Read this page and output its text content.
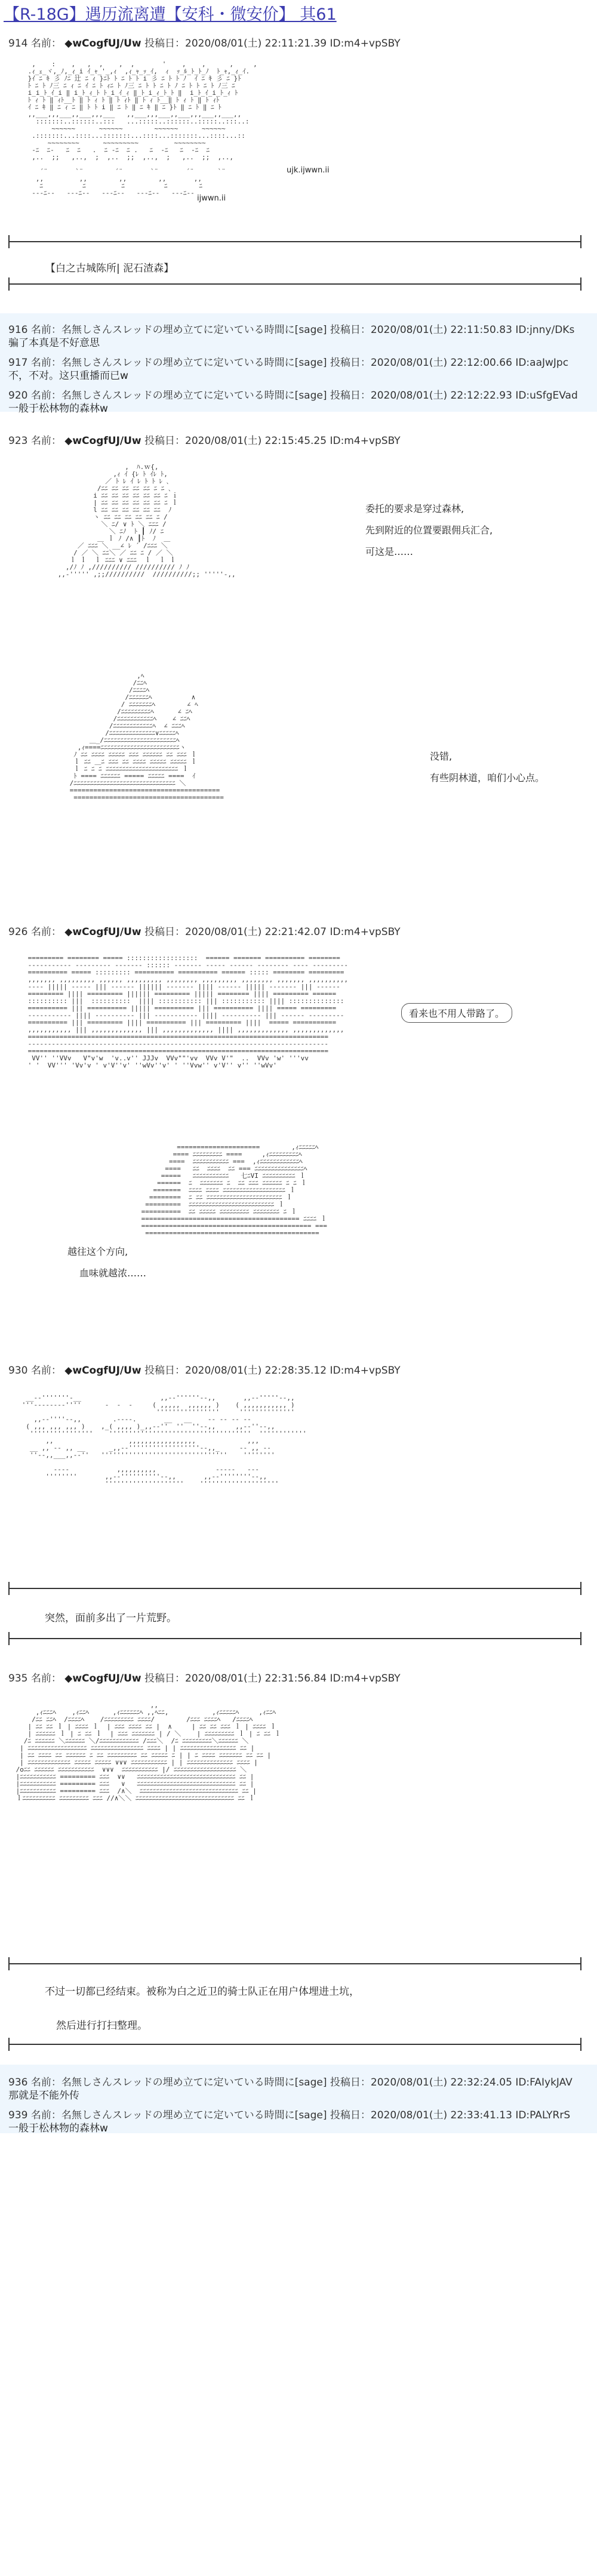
【R-18G】遇历流离遭【安科・微安价】 其61
914 名前： ◆wCogfUJ/Uw 投稿日：2020/08/01(土) 22:11:21.39 ID:m4+vpSBY

,    :    ,   ,  ,    ,  ,       '    ,    ,      ,     ,
.ｨ_ｪ_ヾ,_ﾉ,_ｨ_i ｲ_ｬ_'_,ｨ  ,ｨ_ｬ_ｯ_ｲ,  ｨ  ｯ_ﾙ_ﾄ_ﾄ_ﾉ  ﾄ_ｬ,_ｨ_ｲ.
}ｲ ﾆ ｷ 彡 ﾉﾆ 辻 ﾆ ｨ }ﾆﾄ ﾄ ﾆ ﾄ ﾄ i 彡 ﾆ ﾄ ﾄ ﾉ  ｲ ﾆ ｷ 彡 ﾆ }ﾄ
ﾄ ﾆ ﾄ ﾉ三 ﾆ ｨ ﾆ ｲ ﾆ ﾄ ｨﾆ ﾄ ﾉ三 ﾆ ﾄ ﾄ ﾆ ﾄ ﾉ ﾆ ﾄ ﾄ ﾆ ﾄ ﾉ三 ﾆ
i_i_ﾄ_ｲ_i ‖ i_ﾄ_ｨ_ﾄ ﾄ_i_ｲ_ｨ ‖_ﾄ_i_ｨ_ﾄ_ﾄ ‖  i_ﾄ_ｲ_i_ﾄ_ｨ ﾄ
ﾄ ｨ ﾄ ‖ ｨﾄ__ﾄ ‖ ﾄ ｨ ﾄ ‖ ﾄ ｨﾄ ‖ ﾄ ｨ ﾄ__‖ ﾄ ｨ ﾄ ‖ ﾄ ｨﾄ
ｲ ﾆ ｷ ‖ ﾆ ｨ ﾆ ‖ ﾄ ﾄ i ‖ ﾆ ﾄ ‖ ﾆ ｷ ‖ ﾆ }ﾄ ‖ ﾆ ﾄ ‖ ﾆ ﾄ
,,___,,,___,,___,,,___   ,,___,,,___,,___,,,___,,___,,
:::::::..::::::..:::   ...:::::..::::::..:::::..:::..:
~~~~~~      ~~~~~~        ~~~~~~      ~~~~~~
.:::::::...::::...:::::::...::::...:::::::...::::...::
~~~~~~~~      ~~~~~~~~~         ~~~~~~~~
-ﾆ  ﾆ-   ﾆ  ﾆ   .  ﾆ -ﾆ  ﾆ .   ﾆ  -ﾆ   ﾆ  -ﾆ  ﾆ
,..  ;;   ,..,  ;  ,..  ;;  ,..,  ;   ,..  ;;  ,..,

´¨       `¨        ´¨       `¨       ´¨      `¨
,,         ,,        ,,        ,,       ,,
ﾆ          ﾆ         ﾆ          ﾆ        ﾆ
---ﾆ--   ---ﾆ--   ---ﾆ--   ---ﾆ--   ---ﾆ--

ujk.ijwwn.ii
ijwwn.ii
【白之古城陈所| 泥石渣森】
916 名前：名無しさんスレッドの埋め立てに定いている時間に[sage] 投稿日：2020/08/01(土) 22:11:50.83 ID:jnny/DKs
骗了本真是不好意思
917 名前：名無しさんスレッドの埋め立てに定いている時間に[sage] 投稿日：2020/08/01(土) 22:12:00.66 ID:aaJwJpc
不，不对。这只重播而已w
920 名前：名無しさんスレッドの埋め立てに定いている時間に[sage] 投稿日：2020/08/01(土) 22:12:22.93 ID:uSfgEVad
一般于松林物的森林w
923 名前： ◆wCogfUJ/Uw 投稿日：2020/08/01(土) 22:15:45.25 ID:m4+vpSBY

,  ﾊ.ｗ{,
,ｨ ｲ {ﾚ ﾄ ｲﾚ ﾄ,
／ ﾄ ﾚ ｲ ﾚ ﾄ ﾄ ﾚ ､
/ﾆﾆ ﾆﾆ ﾆﾆ ﾆﾆ ﾆﾆ ﾆ ﾆ ､
i ﾆﾆ ﾆﾆ ﾆﾆ ﾆﾆ ﾆﾆ ﾆﾆ ﾆ ｉ
| ﾆﾆ ﾆﾆ ﾆﾆ ﾆﾆ ﾆﾆ ﾆﾆ ﾆ ｌ
l ﾆﾆ ﾆﾆ ﾆﾆ ﾆﾆ ﾆﾆ ﾆﾆ  ﾉ
ヽ ﾆﾆ ﾆﾆ ﾆﾆ ﾆﾆ ﾆﾆ ﾆ /
＼ ﾆ/ ∨ ﾄ ＼ ﾆﾆﾆ /
＼ ﾆﾉ  ﾄ ┃ ﾉ/ ﾆ
＿ ｌ ﾉ /∧ ┃ﾄ  ﾉ  ＿
／ ﾆﾆﾆ ＼ __∠ ﾚ ´ /ﾆﾆﾆ ＼
/ ／ ＼ ﾆﾆ＼ ／ ﾆﾆ ﾆ / ／ ＼
ｌ ｌ  ｌ ﾆﾆﾆ ∨ ﾆﾆﾆ  ｌ  ｌ ｌ
,/ﾉ ﾉ ,////////// ////////// ﾉ ﾉ
,,-''''' ,;;//////////  //////////;; '''''-,,

委托的要求是穿过森林,
先到附近的位置要跟佣兵汇合,
可这是……

,ﾍ
/ﾆﾆﾍ
/ﾆﾆﾆﾆﾍ
/ﾆﾆﾆﾆﾆﾆﾍ          ∧
/ ﾆﾆﾆﾆﾆﾆﾆﾍ        ∠ ﾍ
/ﾆﾆﾆﾆﾆﾆﾆﾆﾆﾍ      ∠ ﾆﾍ
/ﾆﾆﾆﾆﾆﾆﾆﾆﾆﾆﾆﾍ    ∠ ﾆﾆﾍ
/ﾆﾆﾆﾆﾆﾆﾆﾆﾆﾆﾆﾆﾍ  ∠ ﾆﾆﾆﾍ
/ﾆﾆﾆﾆﾆﾆﾆﾆﾆﾆﾆﾆﾆﾆ∨ﾆﾆﾆﾆﾆﾍ
＿_/ﾆﾆﾆﾆﾆﾆﾆﾆﾆﾆﾆﾆﾆﾆﾆﾆﾆﾆﾆﾆﾆﾆﾍ
,ｨ====ﾆﾆﾆﾆﾆﾆﾆﾆﾆﾆﾆﾆﾆﾆﾆﾆﾆﾆﾆﾆﾆﾆﾆﾆヽ
ﾉ ﾆﾆ ﾆﾆﾆﾆ ﾆﾆﾆﾆﾆ ﾆﾆﾆ ﾆﾆﾆﾆﾆﾆ ﾆﾆ ﾆﾆﾆ ｌ
ｌ ﾆﾆ ＿ﾆ ﾆﾆﾆ ﾆﾆ ﾆﾆﾆﾆ ﾆﾆﾆﾆﾆ ﾆﾆﾆﾆﾆ ｌ
ｌ ﾆ ﾆ ﾆ ﾆﾆﾆﾆﾆﾆﾆﾆﾆﾆﾆﾆﾆﾆﾆﾆﾆﾆﾆﾆﾆﾆ ｌ
ﾄ ==== ﾆﾆﾆﾆﾆﾆ ===== ﾆﾆﾆﾆﾆ ====  ｲ
/ﾆﾆﾆﾆﾆﾆﾆﾆﾆﾆﾆﾆﾆﾆﾆﾆﾆﾆﾆﾆﾆﾆﾆﾆﾆﾆﾆﾆﾆﾆﾆ ＼
======================================
======================================

没错,
有些阴林道，咱们小心点。
926 名前： ◆wCogfUJ/Uw 投稿日：2020/08/01(土) 22:21:42.07 ID:m4+vpSBY

========= ======== ===== ::::::::::::::::::  ====== ======= ========== ========
----------- --------- ------- :::::: ------- ----- ------ -------- ---- ---------
========== ===== ::::::::: ========== ========== ====== ::::: ======== =========
,,,,,,, ,,,,,,,,, ,,,,,, ,,,,,,,,, ,,,,,,,, ,,,,,,,,, ,,,,,,,, ,,,,,,, ,,,,,,,,,,
---- ||||| ----- ||| ------ |||||| ------- |||| ------ ||||| ------- ||| ------
========= |||| ========= |||||| ========= ||||| ======== |||| ========= ======
:::::::::: |||  ::::::::::  |||| ::::::::::: ||| ::::::::::: |||| ::::::::::::::
========== ||| ========== ||||| ========== ||| ========== |||| ===== =========
----------- |||| ---------- ||| ----------- |||| ---------- ||| ------ ---------
========== ||| ========= |||| ========== ||| ========= ||||  ===== ===========
,,,,,,,,,,, ||| ,,,,,,,,,,,,, ||| ,,,,,,,,,,,,, |||| ,,,,,,,,,,,,, ,,,,,,,,,,,,,
============================================================================
----------------------------------------------------------------------------
============================================================================
VV'' ''VVv   V"v'w  'v..v'' JJJv  VVv""'vv  VVv V'"  ..  VVv 'w' '''vv
' '  VV''' 'Vv'v ' v'V''v' ''wVv''v' ' ''Vvw'' v'V'' v'' ''wVv'

看来也不用人带路了。

=====================        ,ｨﾆﾆﾆﾆﾆﾍ
==== ﾆﾆﾆﾆﾆﾆﾆﾆﾆ ====     ,ｨﾆﾆﾆﾆﾆﾆﾆﾆﾆﾍ
====  ﾆﾆﾆﾆﾆﾆﾆﾆﾆﾆﾆ ===  ,ｨﾆﾆﾆﾆﾆﾆﾆﾆﾆﾆﾆﾆﾍ
====   ﾆﾆ  ﾆﾆﾆﾆ  ﾆﾆ === ﾆﾆﾆﾆﾆﾆﾆﾆﾆﾆﾆﾆﾆﾆﾆﾍ
=====   ﾆﾆﾆﾆﾆﾆﾆﾆﾆﾆﾆ   七ﾆVI ﾆﾆﾆﾆﾆﾆﾆﾆﾆﾆ ｌ
======  ﾆ  ﾆﾆﾆﾆﾆﾆﾆ ﾆ  ﾆﾆ ﾆﾆﾆ ﾆﾆﾆﾆﾆﾆ ﾆ ﾆ ｌ
=======  ﾆﾆﾆﾆ ﾆﾆﾆﾆ ﾆﾆﾆﾆﾆﾆﾆﾆﾆﾆﾆﾆﾆﾆﾆﾆﾆﾆﾆ ｌ
========  ﾆ ﾆﾆ ﾆﾆﾆﾆﾆﾆﾆﾆﾆﾆﾆﾆﾆﾆﾆﾆﾆﾆﾆﾆﾆﾆﾆ ｌ
=========  ﾆﾆﾆﾆﾆﾆﾆﾆﾆﾆﾆﾆﾆﾆﾆﾆﾆﾆﾆﾆﾆﾆﾆﾆﾆﾆ ｌ
==========  ﾆﾆ ﾆﾆﾆﾆﾆ ﾆﾆﾆﾆﾆﾆﾆﾆﾆ ﾆﾆﾆﾆﾆﾆﾆﾆ ﾆ ｌ
======================================== ﾆﾆﾆﾆ ｌ
=========================================== ===
============================================

越往这个方向,
血味就越浓……
930 名前： ◆wCogfUJ/Uw 投稿日：2020/08/01(土) 22:28:35.12 ID:m4+vpSBY

__--'''''''-__                    ,,--''''''--,,       ,,--'''''--,,
'''--------''''      -  -  -     ( ,,,,,  ,,,,,, )    ( ,,,,,,,,,,, )
''''''''''''''''     ''''''''''''''
,,--''''--,,        .----.       __   __    -- -- -- --
( ,,, ,,, ,,, )    ,_( ,,,, )_,,--''  ''  ''--,,     ,,--''--,,
''''''''''''''''    ''''''''''''''''''''''''''''''''''''  ''''''''''''
,,                   ,,,,,,,,,,,,,,,,,             ,,,
__ ,, -- ,, __      _,,--''''''''''''''''''--,,_     -- ,, --
''--,,___,,--''   ''''''''''''''''''''''''''''''''    ''''''''

----            ,,,,,,,,,,               -----   ---
''''''''       ,,--''''''''''--,,       ,,--''''''''--,,
''''''''''''''''''''    ''''''''''''''''''''

突然，面前多出了一片荒野。
935 名前： ◆wCogfUJ/Uw 投稿日：2020/08/01(土) 22:31:56.84 ID:m4+vpSBY

,,
,ｨﾆﾆﾆﾍ    ,ｨﾆﾆﾍ      ,ｨﾆﾆﾆﾆﾆﾆﾍ ,,ﾍﾆﾆ,           ,ｨﾆﾆﾆﾆﾆﾍ     ,ｨﾆﾆﾍ
/ﾆﾆ ﾆﾆﾍ  /ﾆﾆﾆﾆﾍ    /ﾆﾆﾆﾆﾆﾆﾆﾆﾆ ﾆﾆﾆﾆ/        /ﾆﾆﾆ ﾆﾆﾆﾆﾍ   /ﾆﾆﾆﾆﾍ
| ﾆﾆ ﾆﾆ ｌ | ﾆﾆﾆﾆ ｌ  | ﾆﾆﾆ ﾆﾆﾆﾆ ﾆﾆ |  ∧     | ﾆﾆ ﾆﾆ ﾆﾆﾆ ｌ | ﾆﾆﾆﾆ ｌ
| ﾆﾆﾆﾆﾆﾆ ｌ | ﾆ ﾆﾆ ｌ  | ﾆﾆﾆ ﾆﾆﾆﾆﾆﾆﾆ | / ＼    | ﾆﾆﾆﾆﾆﾆﾆﾆﾆ ｌ | ﾆ ﾆﾆ ｌ
/ﾆ ﾆﾆﾆﾆﾆﾆ ＼ﾆﾆﾆﾆﾆﾆ ＼/ﾆﾆﾆﾆﾆﾆﾆﾆﾆﾆﾆﾆ /ﾆﾆﾆ＼  /ﾆ ﾆﾆﾆﾆﾆﾆﾆﾆﾆ＼ﾆﾆﾆﾆﾆﾆ ＼
| ﾆﾆﾆﾆﾆﾆﾆﾆﾆﾆﾆﾆﾆﾆﾆﾆﾆﾆ ﾆﾆﾆﾆﾆﾆﾆﾆﾆﾆﾆﾆﾆﾆﾆﾆ ﾆﾆﾆﾆ | | ﾆﾆﾆﾆﾆﾆﾆﾆﾆﾆﾆﾆﾆﾆﾆﾆﾆ ﾆﾆ |
| ﾆﾆ ﾆﾆﾆﾆ ﾆﾆ ﾆﾆﾆﾆﾆﾆ ﾆ ﾆﾆ ﾆﾆﾆﾆﾆﾆﾆﾆﾆ ﾆﾆ ﾆﾆﾆﾆﾆ ﾆ | | ﾆ ﾆﾆﾆﾆ ﾆﾆﾆﾆﾆﾆﾆ ﾆﾆ ﾆﾆ |
| ﾆﾆﾆﾆﾆﾆﾆﾆﾆﾆﾆﾆﾆ ﾆﾆﾆﾆﾆ ﾆﾆﾆﾆﾆ ∨∨∨ ﾆﾆﾆﾆﾆﾆﾆﾆﾆﾆﾆ | | ﾆﾆﾆﾆﾆﾆﾆﾆﾆﾆﾆﾆﾆﾆ ﾆﾆﾆﾆ |
/oﾆﾆ ﾆﾆﾆﾆﾆﾆ ﾆﾆﾆﾆﾆﾆﾆﾆﾆﾆﾆ  ∨∨∨  ﾆﾆﾆﾆﾆﾆﾆﾆﾆﾆﾆ |/ ﾆﾆﾆﾆﾆﾆﾆﾆﾆﾆﾆﾆﾆﾆﾆﾆﾆﾆﾆ ＼
|ﾆﾆﾆﾆﾆﾆﾆﾆﾆﾆﾆ ========= ﾆﾆﾆ  ∨∨   ﾆﾆﾆﾆﾆﾆﾆﾆﾆﾆﾆﾆﾆﾆﾆﾆﾆﾆﾆﾆﾆﾆﾆﾆﾆﾆﾆﾆﾆﾆ ﾆﾆ |
|ﾆﾆﾆﾆﾆﾆﾆﾆﾆﾆﾆ ========= ﾆﾆﾆ   ∨   ﾆﾆﾆﾆﾆﾆﾆﾆﾆﾆﾆﾆﾆﾆﾆﾆﾆﾆﾆﾆﾆﾆﾆﾆﾆﾆﾆﾆﾆﾆ ﾆﾆ |
|ﾆﾆﾆﾆﾆﾆﾆﾆﾆﾆﾆ ========= ﾆﾆﾆ  /∧＼  ﾆﾆﾆﾆﾆﾆﾆﾆﾆﾆﾆﾆﾆﾆﾆﾆﾆﾆﾆﾆﾆﾆﾆﾆﾆﾆﾆﾆﾆﾆ ﾆﾆ |
ｌﾆﾆﾆﾆﾆﾆﾆﾆﾆﾆ ﾆﾆﾆﾆﾆﾆﾆﾆﾆ ﾆﾆﾆ //∧＼＼ ﾆﾆﾆﾆﾆﾆﾆﾆﾆﾆﾆﾆﾆﾆﾆﾆﾆﾆﾆﾆﾆﾆﾆﾆﾆﾆﾆﾆﾆﾆ ﾆﾆ ｌ

不过一切都已经结束。被称为白之近卫的骑士队正在用户体埋进土坑，
然后进行打扫整理。
936 名前：名無しさんスレッドの埋め立てに定いている時間に[sage] 投稿日：2020/08/01(土) 22:32:24.05 ID:FAIykJAV
那就是不能外传
939 名前：名無しさんスレッドの埋め立てに定いている時間に[sage] 投稿日：2020/08/01(土) 22:33:41.13 ID:PALYRrS
一般于松林物的森林w
